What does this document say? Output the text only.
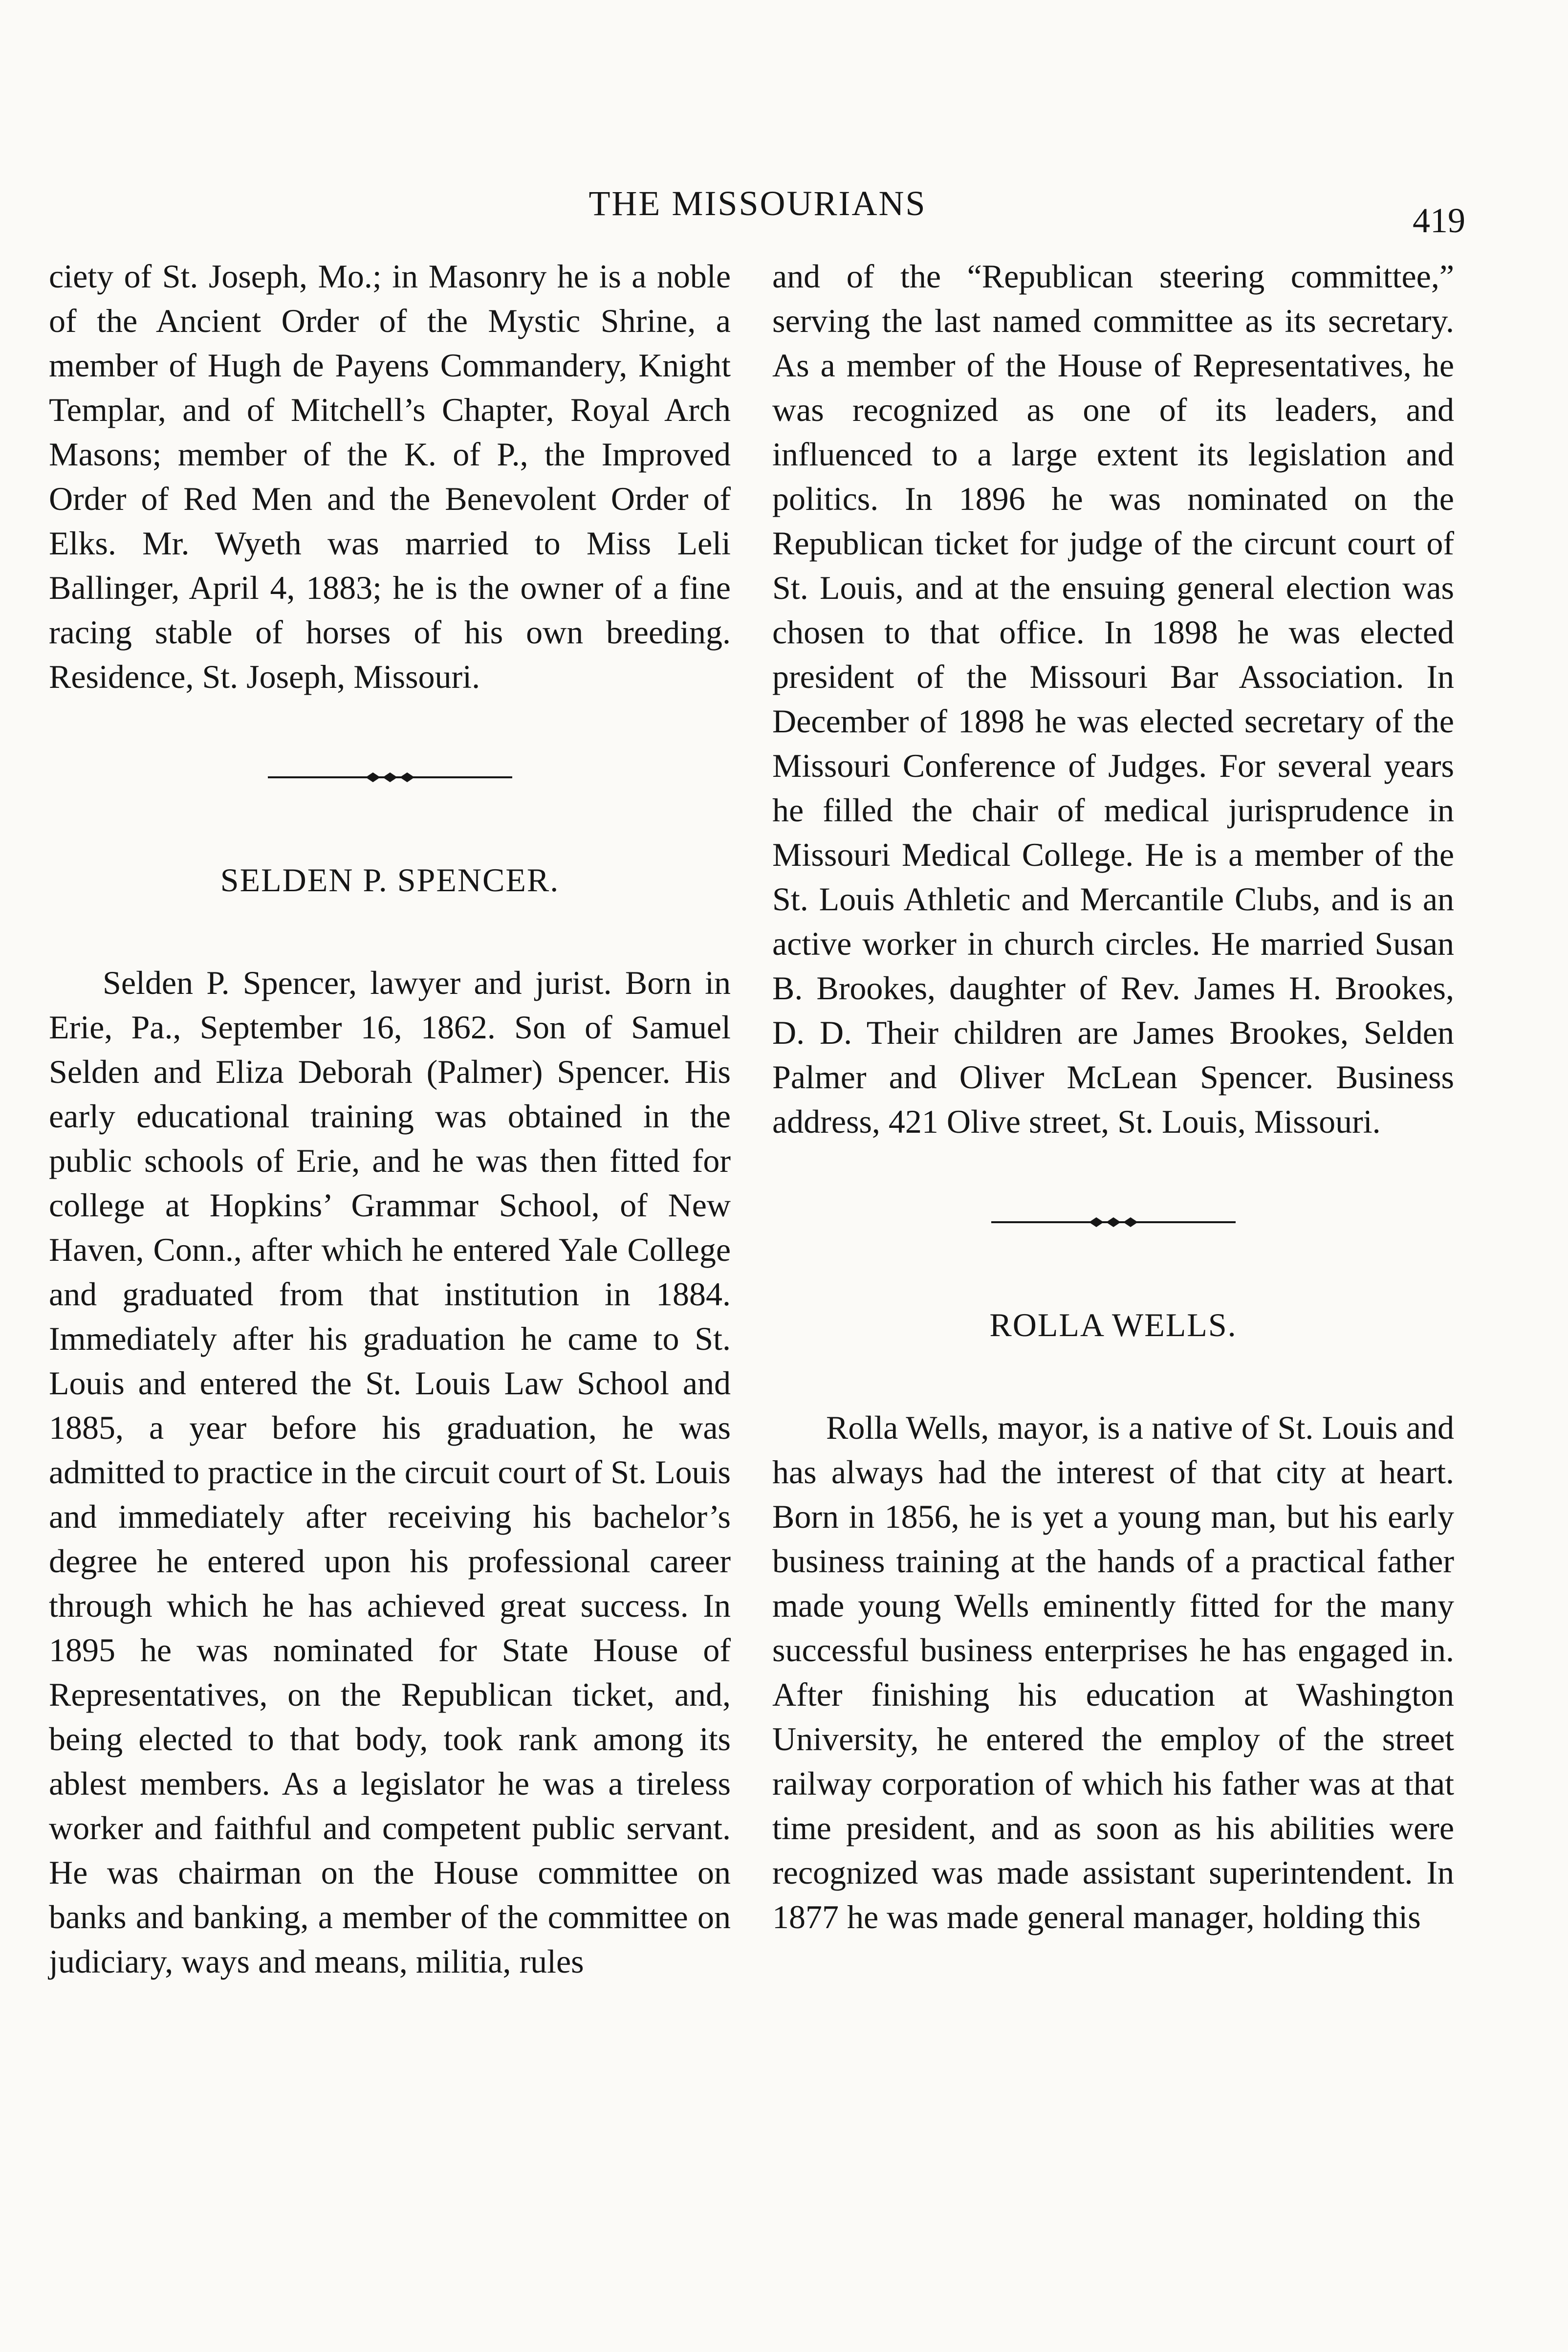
THE MISSOURIANS	419

ciety of St. Joseph, Mo.; in Masonry he is a noble of the Ancient Order of the Mystic Shrine, a member of Hugh de Payens Commandery, Knight Templar, and of Mitchell’s Chapter, Royal Arch Masons; member of the K. of P., the Improved Order of Red Men and the Benevolent Order of Elks. Mr. Wyeth was married to Miss Leli Ballinger, April 4, 1883; he is the owner of a fine racing stable of horses of his own breeding. Residence, St. Joseph, Missouri.

SELDEN P. SPENCER.

Selden P. Spencer, lawyer and jurist. Born in Erie, Pa., September 16, 1862. Son of Samuel Selden and Eliza Deborah (Palmer) Spencer. His early educational training was obtained in the public schools of Erie, and he was then fitted for college at Hopkins’ Grammar School, of New Haven, Conn., after which he entered Yale College and graduated from that institution in 1884. Immediately after his graduation he came to St. Louis and entered the St. Louis Law School and 1885, a year before his graduation, he was admitted to practice in the circuit court of St. Louis and immediately after receiving his bachelor’s degree he entered upon his professional career through which he has achieved great success. In 1895 he was nominated for State House of Representatives, on the Republican ticket, and, being elected to that body, took rank among its ablest members. As a legislator he was a tireless worker and faithful and competent public servant. He was chairman on the House committee on banks and banking, a member of the committee on judiciary, ways and means, militia, rules

and of the “Republican steering committee,” serving the last named committee as its secretary. As a member of the House of Representatives, he was recognized as one of its leaders, and influenced to a large extent its legislation and politics. In 1896 he was nominated on the Republican ticket for judge of the circunt court of St. Louis, and at the ensuing general election was chosen to that office. In 1898 he was elected president of the Missouri Bar Association. In December of 1898 he was elected secretary of the Missouri Conference of Judges. For several years he filled the chair of medical jurisprudence in Missouri Medical College. He is a member of the St. Louis Athletic and Mercantile Clubs, and is an active worker in church circles. He married Susan B. Brookes, daughter of Rev. James H. Brookes, D. D. Their children are James Brookes, Selden Palmer and Oliver McLean Spencer. Business address, 421 Olive street, St. Louis, Missouri.

ROLLA WELLS.

Rolla Wells, mayor, is a native of St. Louis and has always had the interest of that city at heart. Born in 1856, he is yet a young man, but his early business training at the hands of a practical father made young Wells eminently fitted for the many successful business enterprises he has engaged in. After finishing his education at Washington University, he entered the employ of the street railway corporation of which his father was at that time president, and as soon as his abilities were recognized was made assistant superintendent. In 1877 he was made general manager, holding this
